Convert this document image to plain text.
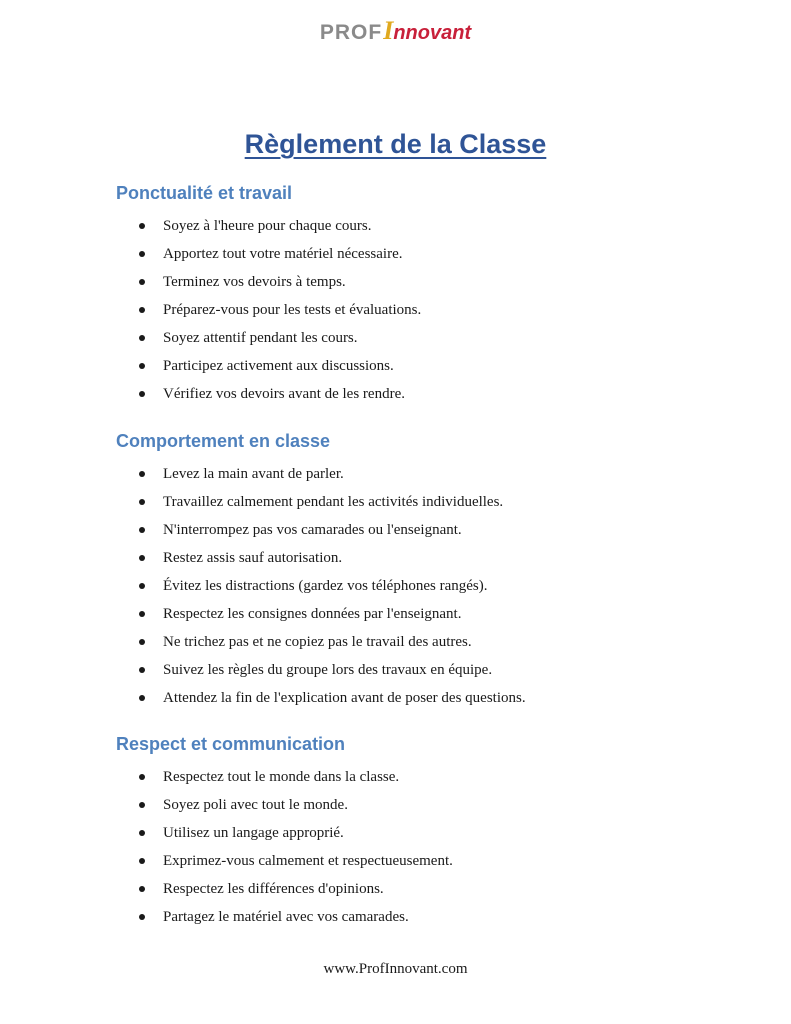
PROFInnovant
Règlement de la Classe
Ponctualité et travail
Soyez à l'heure pour chaque cours.
Apportez tout votre matériel nécessaire.
Terminez vos devoirs à temps.
Préparez-vous pour les tests et évaluations.
Soyez attentif pendant les cours.
Participez activement aux discussions.
Vérifiez vos devoirs avant de les rendre.
Comportement en classe
Levez la main avant de parler.
Travaillez calmement pendant les activités individuelles.
N'interrompez pas vos camarades ou l'enseignant.
Restez assis sauf autorisation.
Évitez les distractions (gardez vos téléphones rangés).
Respectez les consignes données par l'enseignant.
Ne trichez pas et ne copiez pas le travail des autres.
Suivez les règles du groupe lors des travaux en équipe.
Attendez la fin de l'explication avant de poser des questions.
Respect et communication
Respectez tout le monde dans la classe.
Soyez poli avec tout le monde.
Utilisez un langage approprié.
Exprimez-vous calmement et respectueusement.
Respectez les différences d'opinions.
Partagez le matériel avec vos camarades.
www.ProfInnovant.com
